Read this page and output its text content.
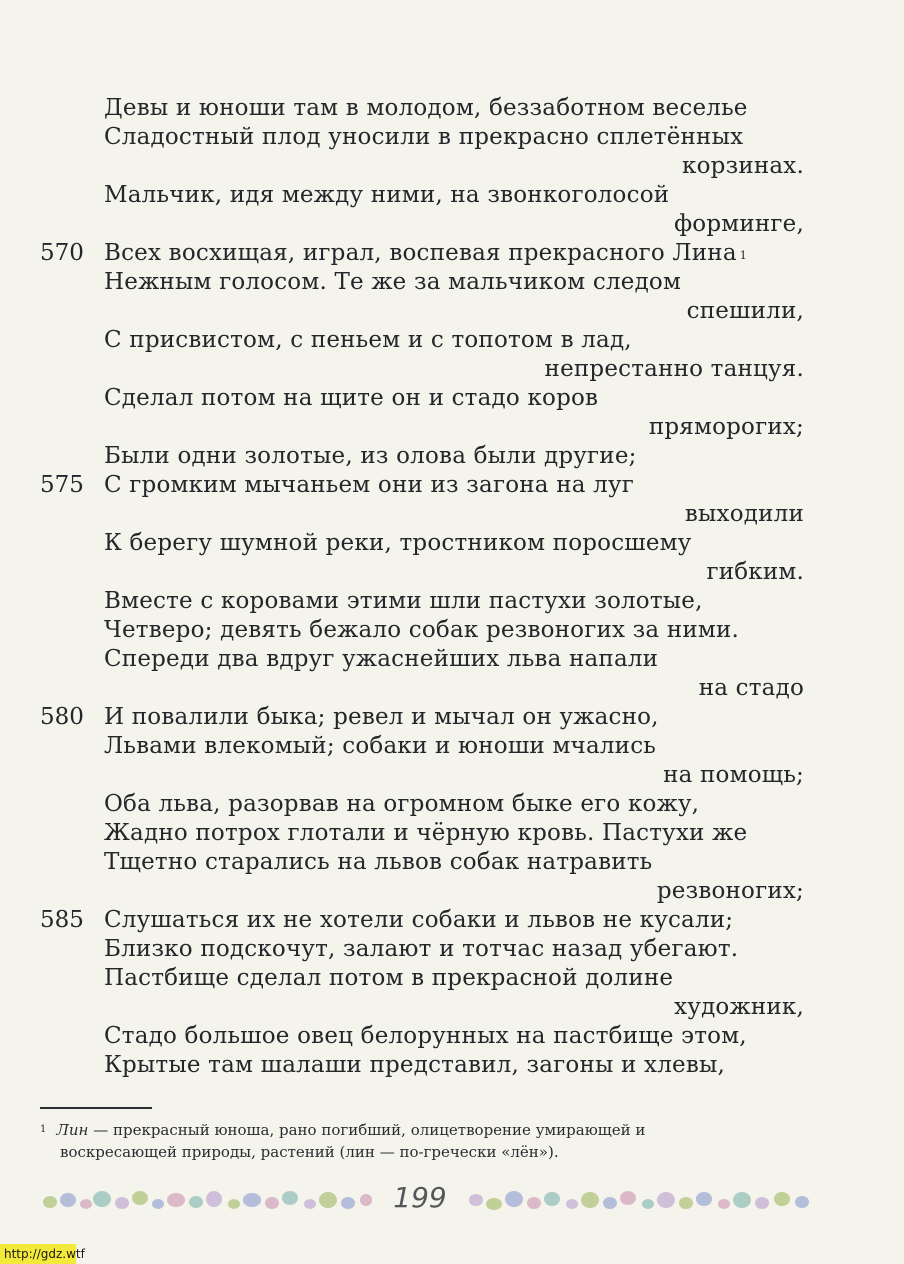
Девы и юноши там в молодом, беззаботном веселье
Сладостный плод уносили в прекрасно сплетённых
корзинах.
Мальчик, идя между ними, на звонкоголосой
форминге,
570 Всех восхищая, играл, воспевая прекрасного Лина $^1$
Нежным голосом. Те же за мальчиком следом
спешили,
С присвистом, с пеньем и с топотом в лад,
непрестанно танцуя.
Сделал потом на щите он и стадо коров
пряморогих;
Были одни золотые, из олова были другие;
575 С громким мычаньем они из загона на луг
выходили
К берегу шумной реки, тростником поросшему
гибким.
Вместе с коровами этими шли пастухи золотые,
Четверо; девять бежало собак резвоногих за ними.
Спереди два вдруг ужаснейших льва напали
на стадо
580 И повалили быка; ревел и мычал он ужасно,
Львами влекомый; собаки и юноши мчались
на помощь;
Оба льва, разорвав на огромном быке его кожу,
Жадно потрох глотали и чёрную кровь. Пастухи же
Тщетно старались на львов собак натравить
резвоногих;
585 Слушаться их не хотели собаки и львов не кусали;
Близко подскочут, залают и тотчас назад убегают.
Пастбище сделал потом в прекрасной долине
художник,
Стадо большое овец белорунных на пастбище этом,
Крытые там шалаши представил, загоны и хлевы,
$^1$ Лин — прекрасный юноша, рано погибший, олицетворение умирающей и
воскресающей природы, растений (лин — по-гречески «лён»).
199
http://gdz.wtf
